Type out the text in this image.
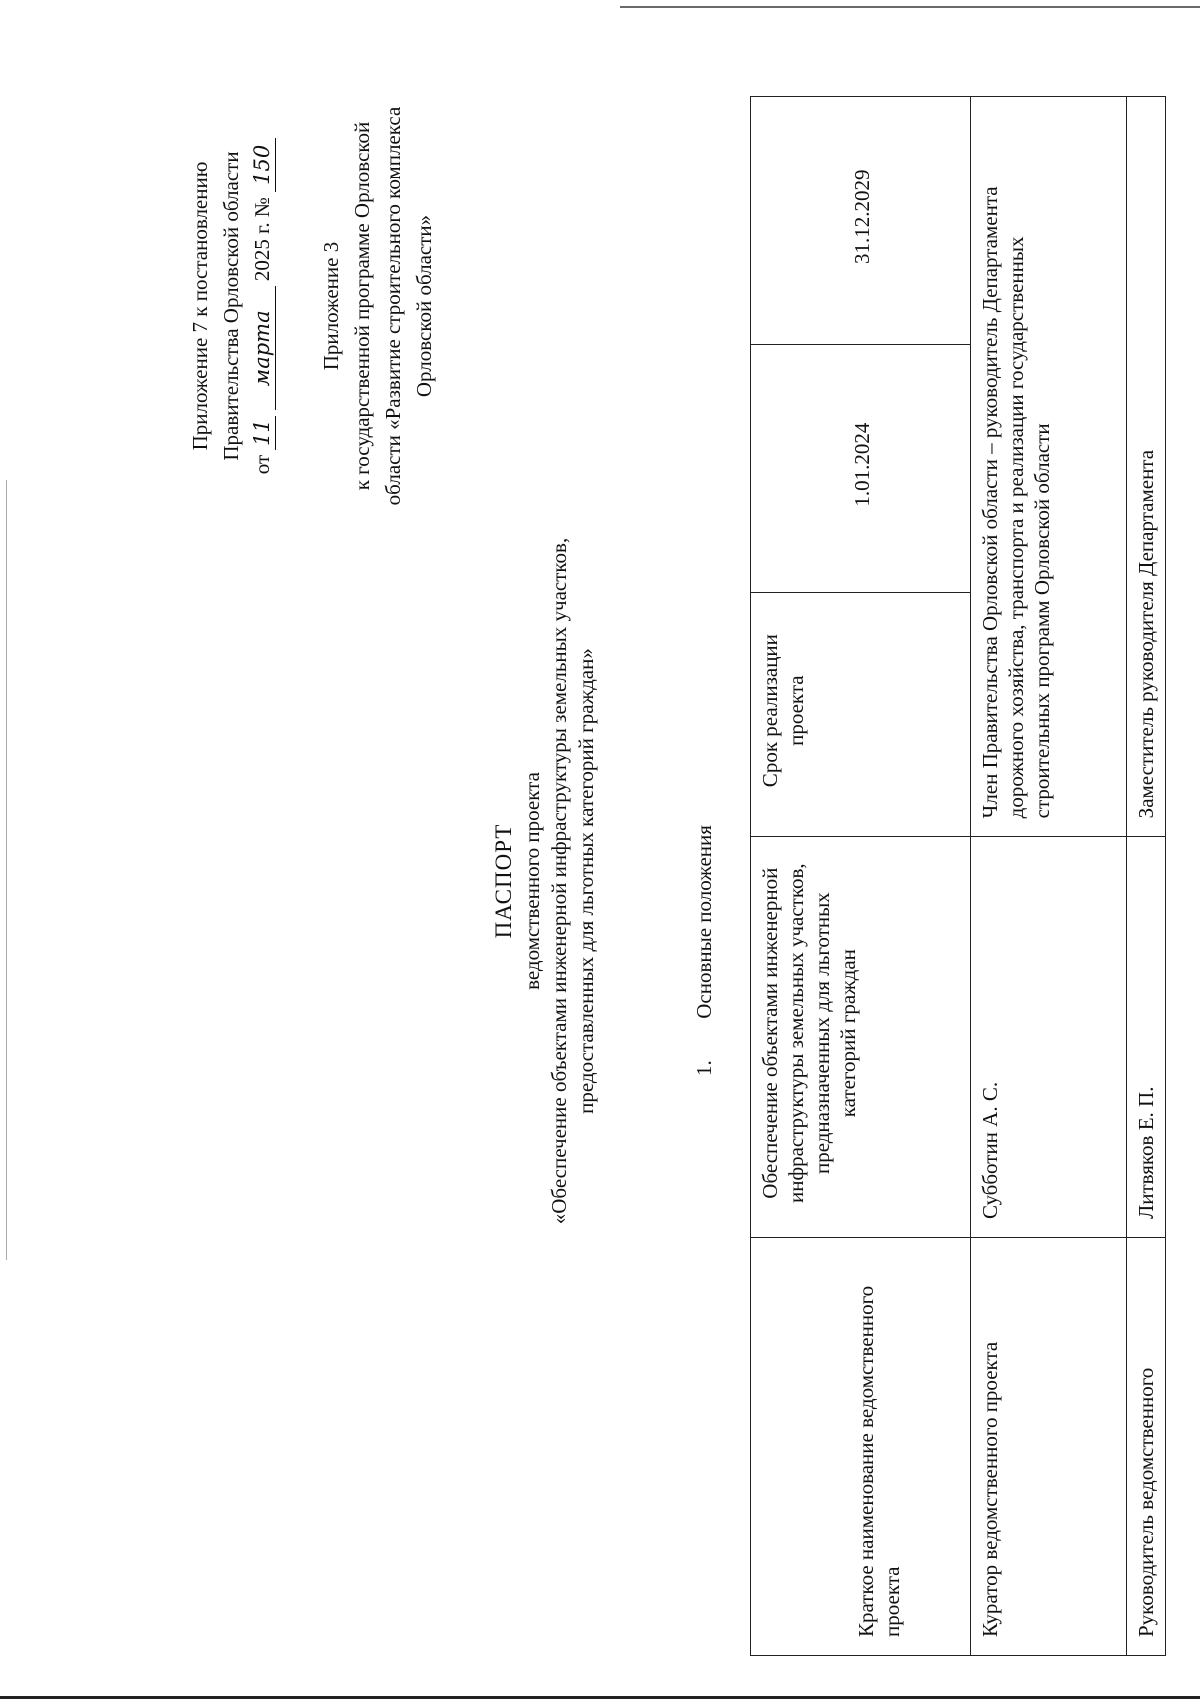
Приложение 7 к постановлению Правительства Орловской области

от 11 марта 2025 г. № 150

Приложение 3 к государственной программе Орловской области «Развитие строительного комплекса Орловской области»

ПАСПОРТ ведомственного проекта «Обеспечение объектами инженерной инфраструктуры земельных участков, предоставленных для льготных категорий граждан»	1. Основные положения
Краткое наименование ведомственного проекта	Обеспечение объектами инженерной инфраструктуры земельных участков, предназначенных для льготных категорий граждан	Срок реализации проекта	1.01.2024	31.12.2029
Куратор ведомственного проекта	Субботин А. С.	Член Правительства Орловской области – руководитель Департамента дорожного хозяйства, транспорта и реализации государственных строительных программ Орловской области		
Руководитель ведомственного	Литвяков Е. П.	Заместитель руководителя Департамента		
